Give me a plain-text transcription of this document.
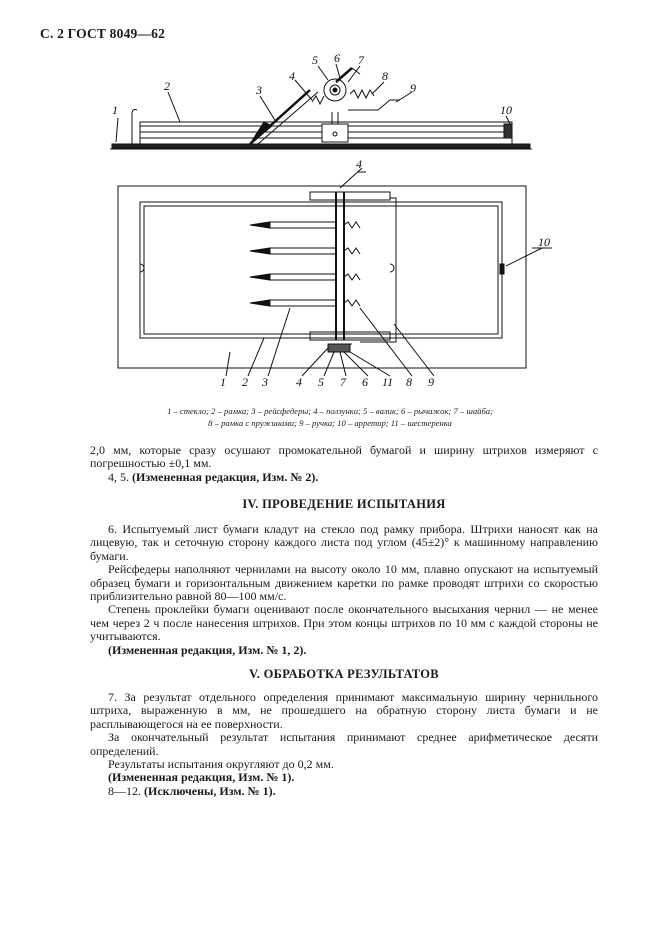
С. 2 ГОСТ 8049—62
1
2	3
4
5 6 7
8
9
10
4
10
1 2 3 4 5 7 6 11 8 9
1 – стекло; 2 – рамка; 3 – рейсфедеры; 4 – ползунки; 5 – валик; 6 – рычажок; 7 – шайба;
8 – рамка с пружинами; 9 – ручка; 10 – арретир; 11 – шестеренка

2,0 мм, которые сразу осушают промокательной бумагой и ширину штрихов измеряют с погрешностью ±0,1 мм.

4, 5. (Измененная редакция, Изм. № 2).

IV. ПРОВЕДЕНИЕ ИСПЫТАНИЯ

6. Испытуемый лист бумаги кладут на стекло под рамку прибора. Штрихи наносят как на лицевую, так и сеточную сторону каждого листа под углом (45±2)° к машинному направлению бумаги.

Рейсфедеры наполняют чернилами на высоту около 10 мм, плавно опускают на испытуемый образец бумаги и горизонтальным движением каретки по рамке проводят штрихи со скоростью приблизительно равной 80—100 мм/с.

Степень проклейки бумаги оценивают после окончательного высыхания чернил — не менее чем через 2 ч после нанесения штрихов. При этом концы штрихов по 10 мм с каждой стороны не учитываются.

(Измененная редакция, Изм. № 1, 2).

V. ОБРАБОТКА РЕЗУЛЬТАТОВ

7. За результат отдельного определения принимают максимальную ширину чернильного штриха, выраженную в мм, не прошедшего на обратную сторону листа бумаги и не расплывающегося на ее поверхности.

За окончательный результат испытания принимают среднее арифметическое десяти определений.

Результаты испытания округляют до 0,2 мм.

(Измененная редакция, Изм. № 1).

8—12. (Исключены, Изм. № 1).
